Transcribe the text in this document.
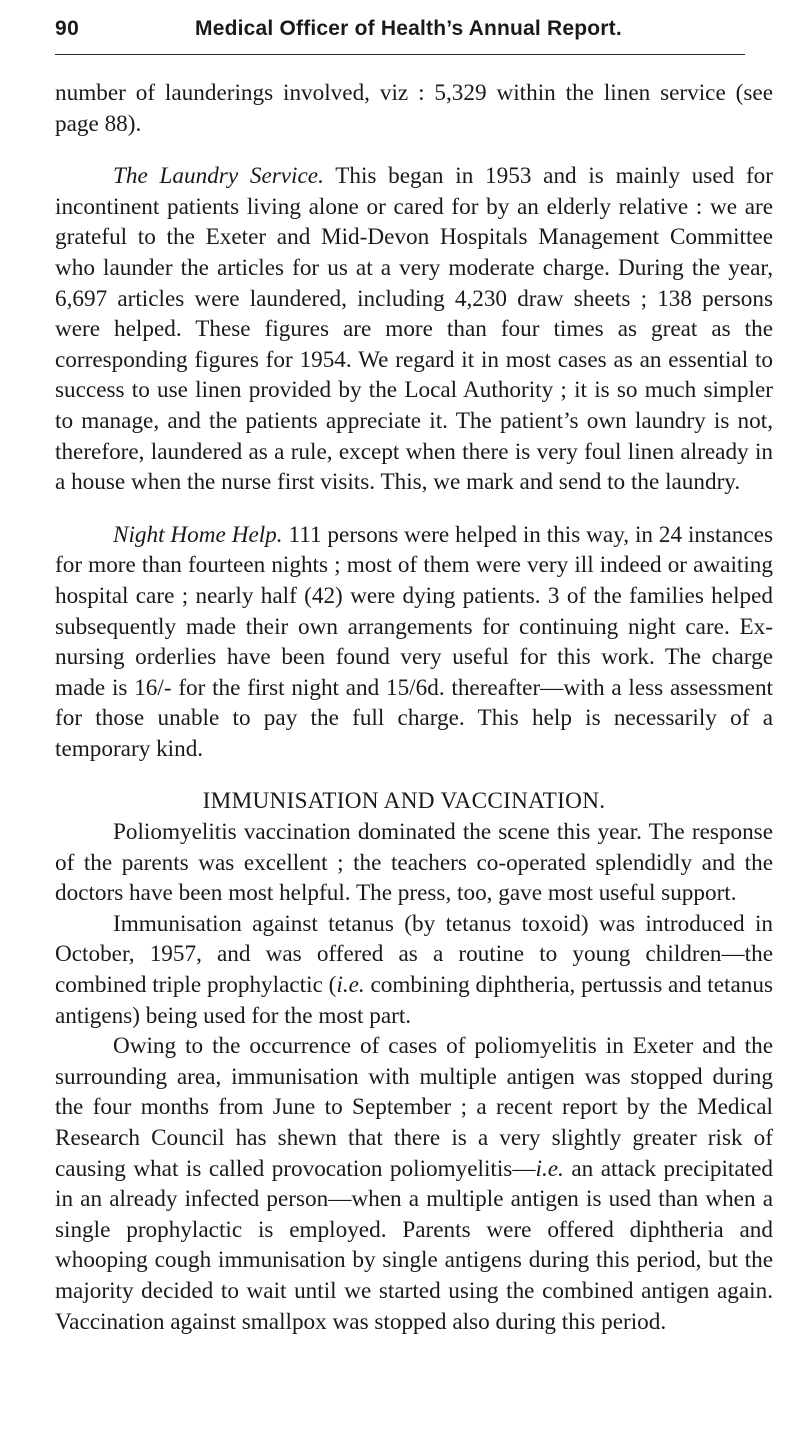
90	Medical Officer of Health’s Annual Report.

number of launderings involved, viz : 5,329 within the linen service (see page 88).

The Laundry Service. This began in 1953 and is mainly used for incontinent patients living alone or cared for by an elderly relative : we are grateful to the Exeter and Mid-Devon Hospitals Management Committee who launder the articles for us at a very moderate charge. During the year, 6,697 articles were laundered, including 4,230 draw sheets ; 138 persons were helped. These figures are more than four times as great as the corresponding figures for 1954. We regard it in most cases as an essential to success to use linen provided by the Local Authority ; it is so much simpler to manage, and the patients appreciate it. The patient’s own laundry is not, therefore, laundered as a rule, except when there is very foul linen already in a house when the nurse first visits. This, we mark and send to the laundry.

Night Home Help. 111 persons were helped in this way, in 24 instances for more than fourteen nights ; most of them were very ill indeed or awaiting hospital care ; nearly half (42) were dying patients. 3 of the families helped subsequently made their own arrangements for continuing night care. Ex-nursing orderlies have been found very useful for this work. The charge made is 16/- for the first night and 15/6d. thereafter—with a less assessment for those unable to pay the full charge. This help is necessarily of a temporary kind.

IMMUNISATION AND VACCINATION.

Poliomyelitis vaccination dominated the scene this year. The response of the parents was excellent ; the teachers co-operated splendidly and the doctors have been most helpful. The press, too, gave most useful support.

Immunisation against tetanus (by tetanus toxoid) was introduced in October, 1957, and was offered as a routine to young children—the combined triple prophylactic (i.e. combining diphtheria, pertussis and tetanus antigens) being used for the most part.

Owing to the occurrence of cases of poliomyelitis in Exeter and the surrounding area, immunisation with multiple antigen was stopped during the four months from June to September ; a recent report by the Medical Research Council has shewn that there is a very slightly greater risk of causing what is called provocation poliomyelitis—i.e. an attack precipitated in an already infected person—when a multiple antigen is used than when a single prophylactic is employed. Parents were offered diphtheria and whooping cough immunisation by single antigens during this period, but the majority decided to wait until we started using the combined antigen again. Vaccination against smallpox was stopped also during this period.
